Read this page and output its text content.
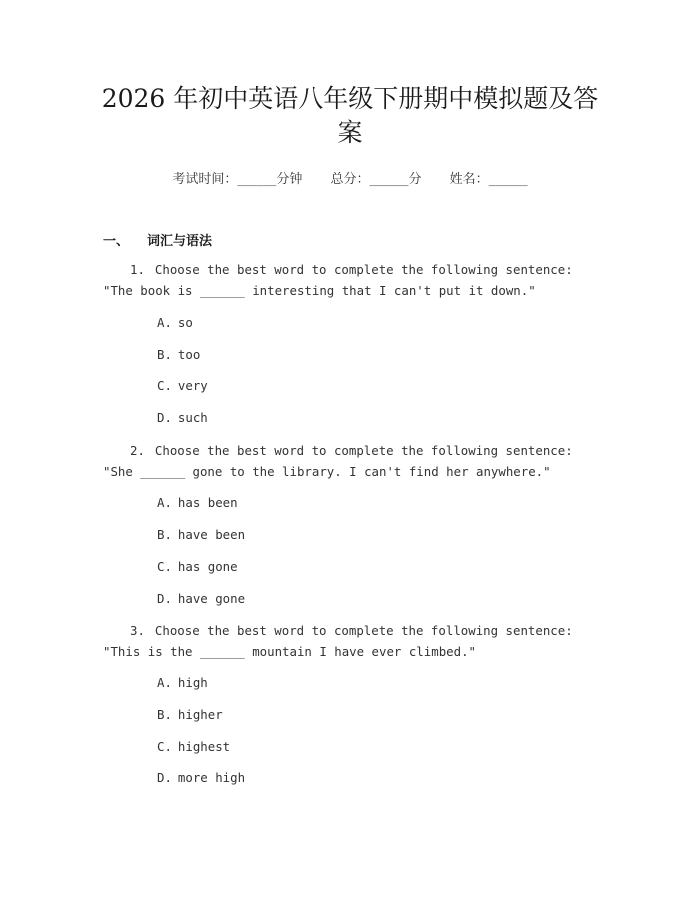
2026 年初中英语八年级下册期中模拟题及答案
考试时间：______分钟 总分：______分 姓名：______
一、 词汇与语法
1. Choose the best word to complete the following sentence: "The book is ______ interesting that I can't put it down."
A. so
B. too
C. very
D. such
2. Choose the best word to complete the following sentence: "She ______ gone to the library. I can't find her anywhere."
A. has been
B. have been
C. has gone
D. have gone
3. Choose the best word to complete the following sentence: "This is the ______ mountain I have ever climbed."
A. high
B. higher
C. highest
D. more high
